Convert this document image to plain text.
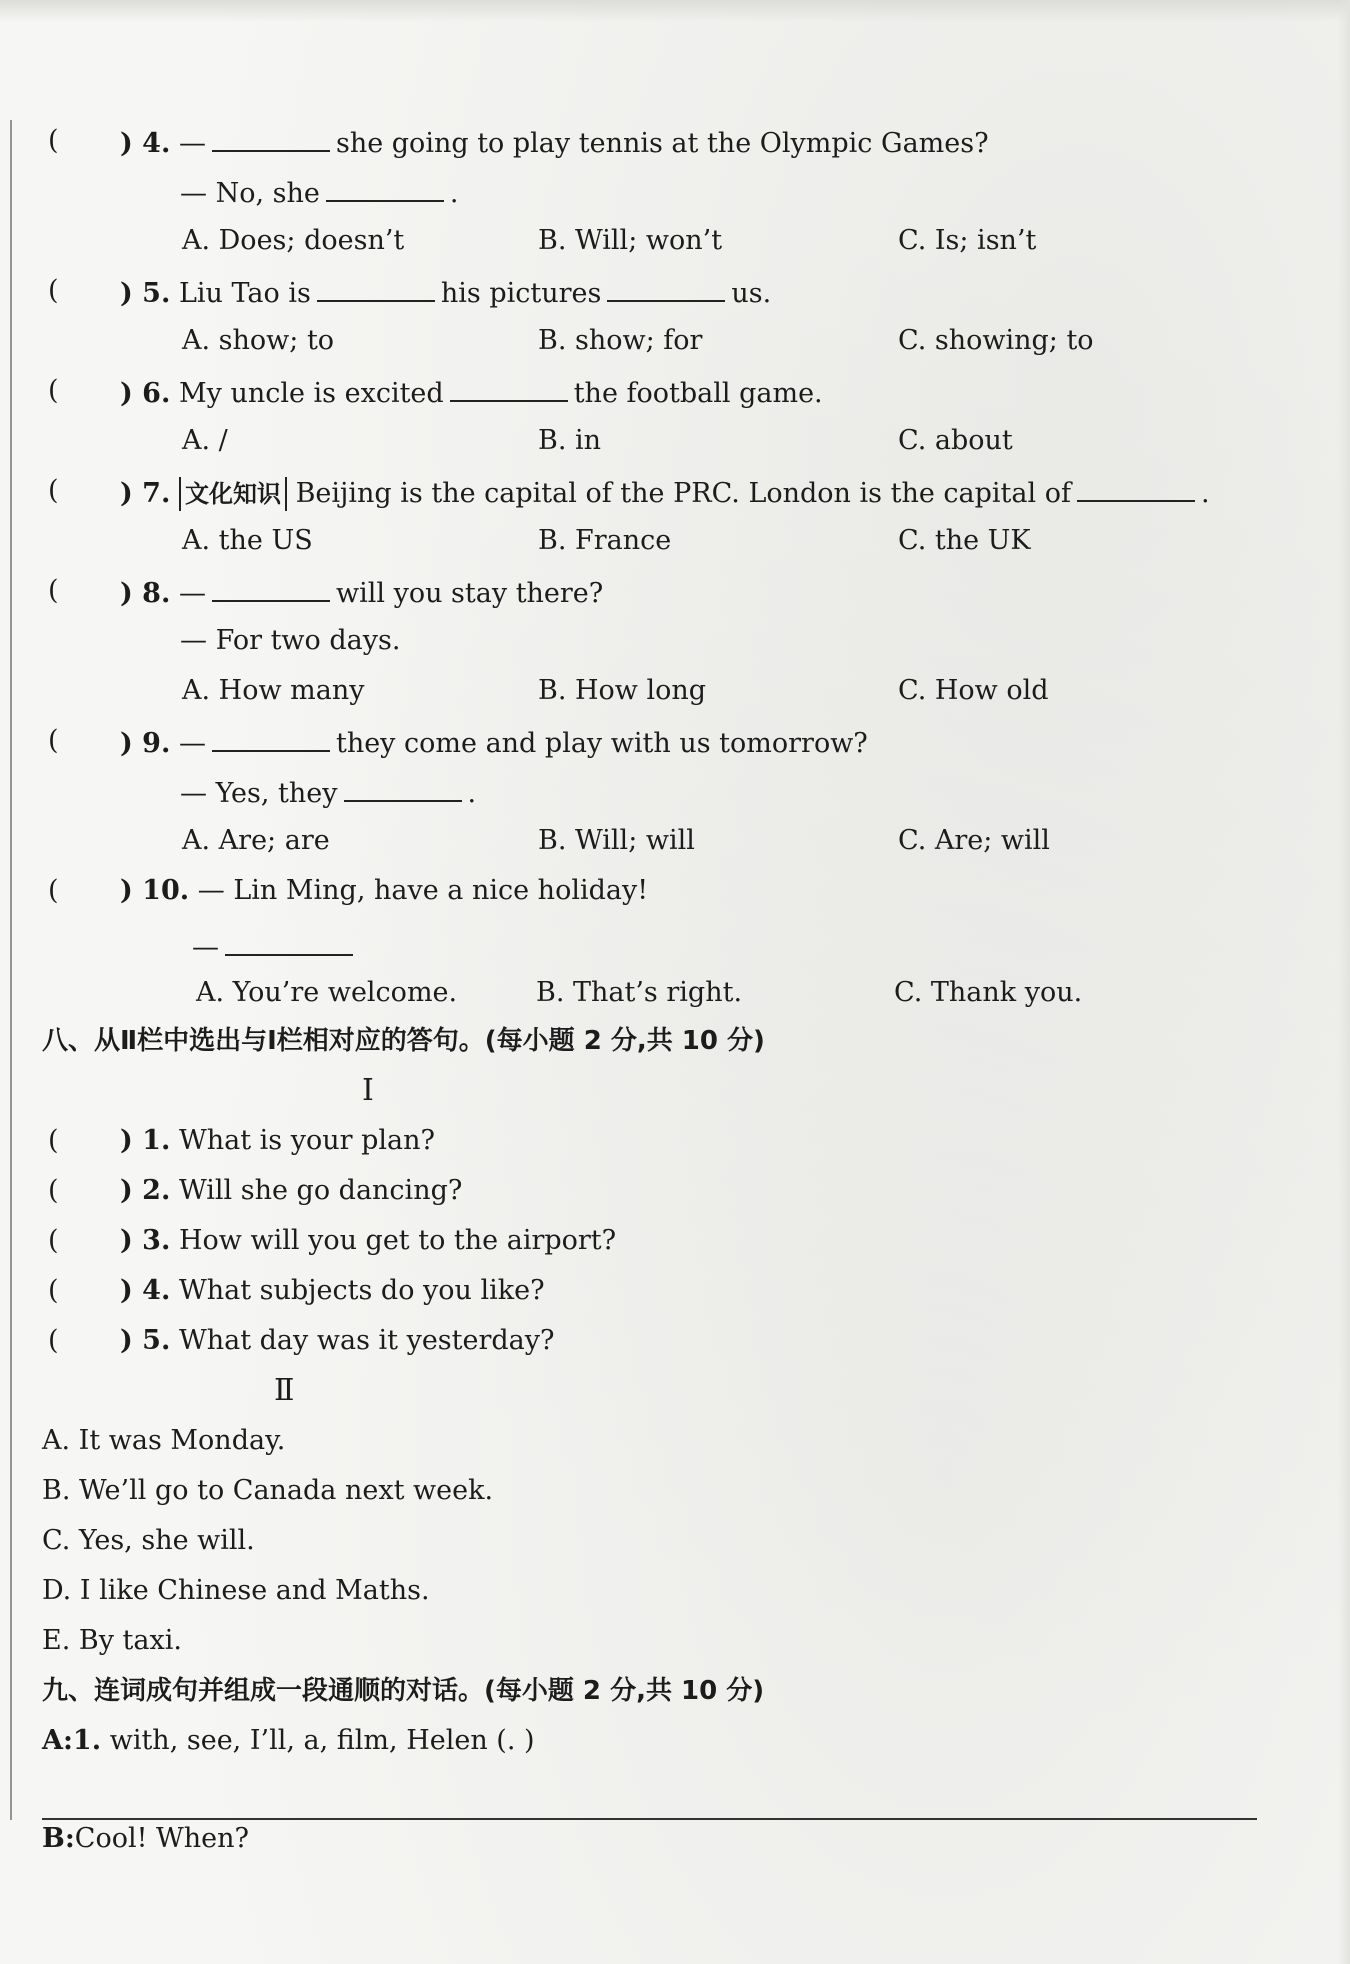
( ) 4. —	she going to play tennis at the Olympic Games?
— No, she	.
A. Does; doesn’t	B. Will; won’t	C. Is; isn’t
( ) 5. Liu Tao is	his pictures	us.
A. show; to	B. show; for	C. showing; to
( ) 6. My uncle is excited	the football game.
A. /	B. in	C. about
( ) 7. 文化知识 Beijing is the capital of the PRC. London is the capital of	.
A. the US	B. France	C. the UK
( ) 8. —	will you stay there?
— For two days.
A. How many	B. How long	C. How old
( ) 9. —	they come and play with us tomorrow?
— Yes, they	.
A. Are; are	B. Will; will	C. Are; will
( ) 10. — Lin Ming, have a nice holiday!
—
A. You’re welcome.	B. That’s right.	C. Thank you.
八、从Ⅱ栏中选出与Ⅰ栏相对应的答句。(每小题 2 分,共 10 分)
Ⅰ
( ) 1. What is your plan?
( ) 2. Will she go dancing?
( ) 3. How will you get to the airport?
( ) 4. What subjects do you like?
( ) 5. What day was it yesterday?
Ⅱ
A. It was Monday.
B. We’ll go to Canada next week.
C. Yes, she will.
D. I like Chinese and Maths.
E. By taxi.
九、连词成句并组成一段通顺的对话。(每小题 2 分,共 10 分)
A:1. with, see, I’ll, a, film, Helen (. )
B:Cool! When?
